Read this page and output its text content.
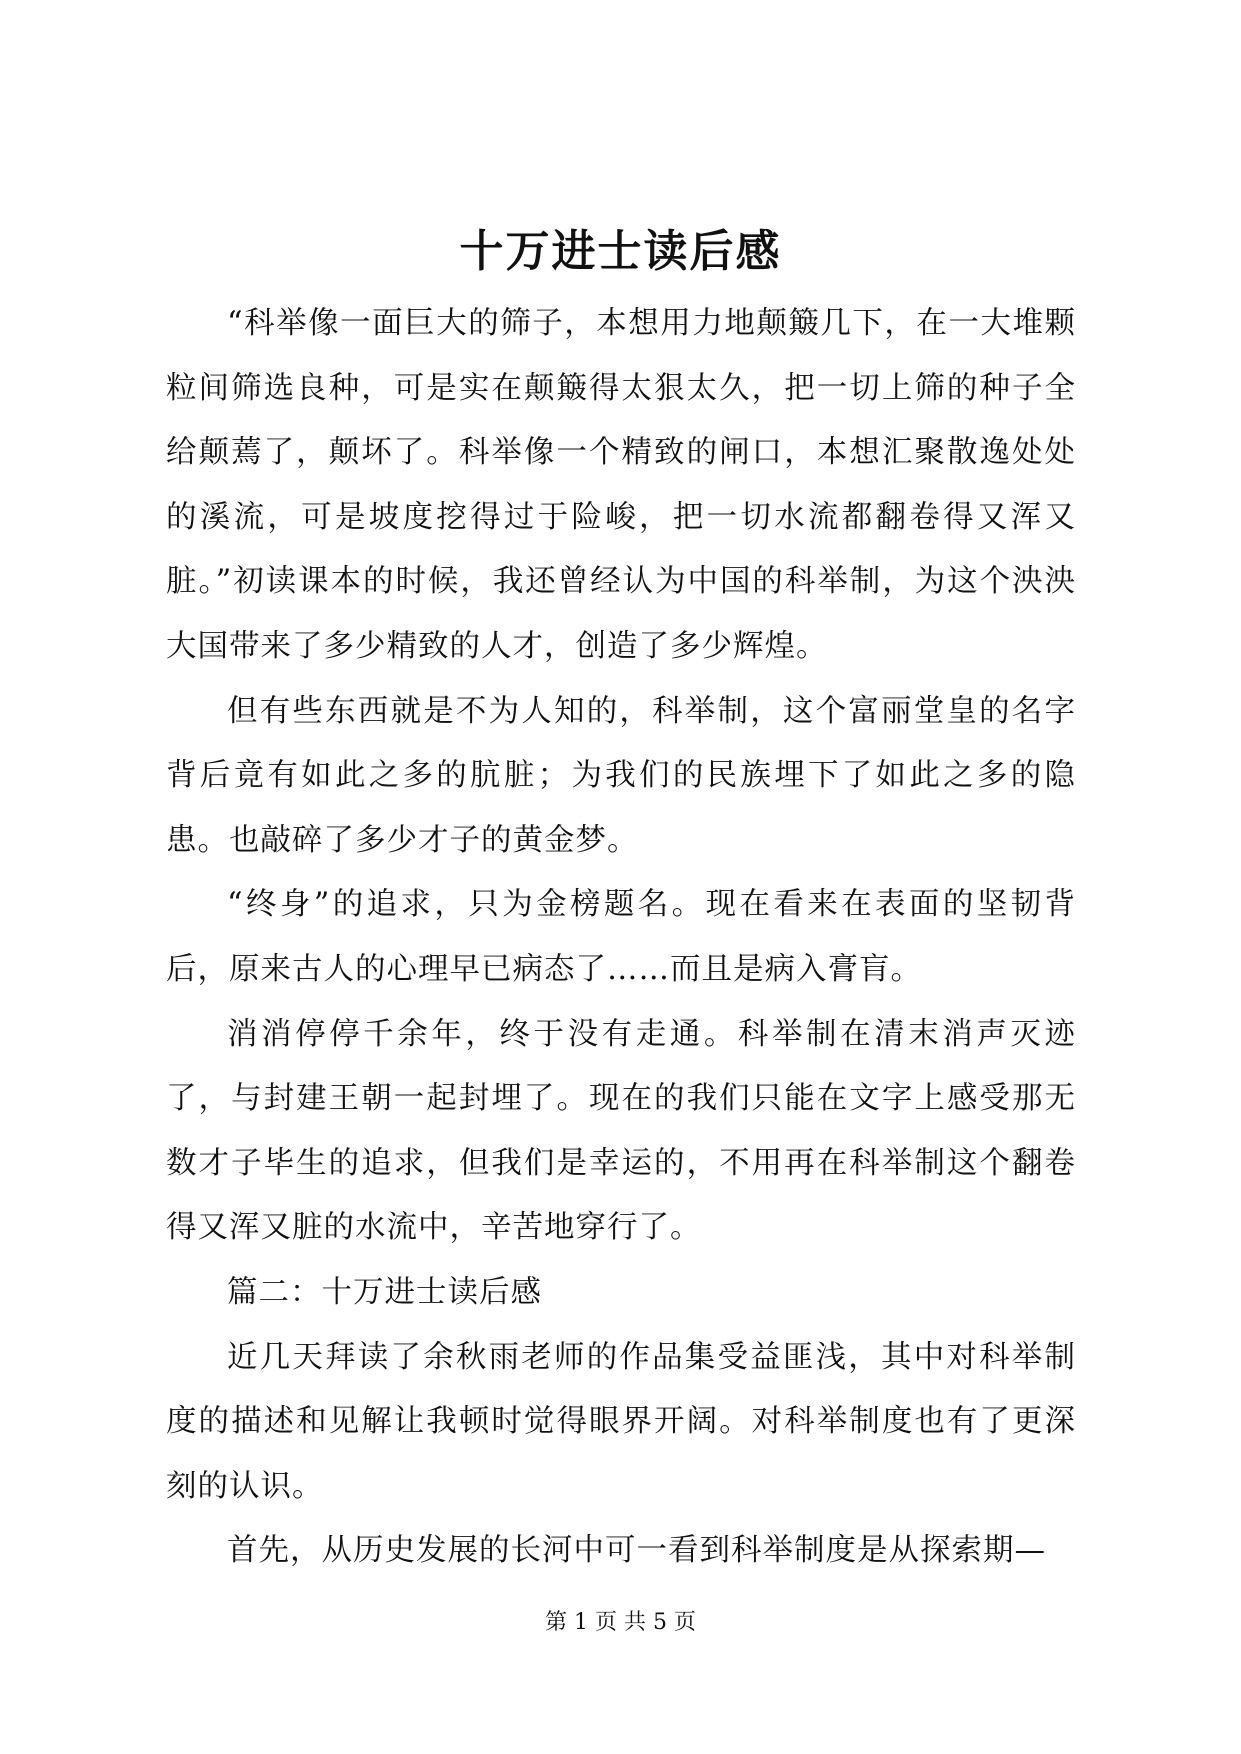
十万进士读后感

“科举像一面巨大的筛子，本想用力地颠簸几下，在一大堆颗粒间筛选良种，可是实在颠簸得太狠太久，把一切上筛的种子全给颠蔫了，颠坏了。科举像一个精致的闸口，本想汇聚散逸处处的溪流，可是坡度挖得过于险峻，把一切水流都翻卷得又浑又脏。”初读课本的时候，我还曾经认为中国的科举制，为这个泱泱大国带来了多少精致的人才，创造了多少辉煌。

但有些东西就是不为人知的，科举制，这个富丽堂皇的名字背后竟有如此之多的肮脏；为我们的民族埋下了如此之多的隐患。也敲碎了多少才子的黄金梦。

“终身”的追求，只为金榜题名。现在看来在表面的坚韧背后，原来古人的心理早已病态了……而且是病入膏肓。

消消停停千余年，终于没有走通。科举制在清末消声灭迹了，与封建王朝一起封埋了。现在的我们只能在文字上感受那无数才子毕生的追求，但我们是幸运的，不用再在科举制这个翻卷得又浑又脏的水流中，辛苦地穿行了。

篇二：十万进士读后感

近几天拜读了余秋雨老师的作品集受益匪浅，其中对科举制度的描述和见解让我顿时觉得眼界开阔。对科举制度也有了更深刻的认识。

首先，从历史发展的长河中可一看到科举制度是从探索期—

第 1 页 共 5 页
